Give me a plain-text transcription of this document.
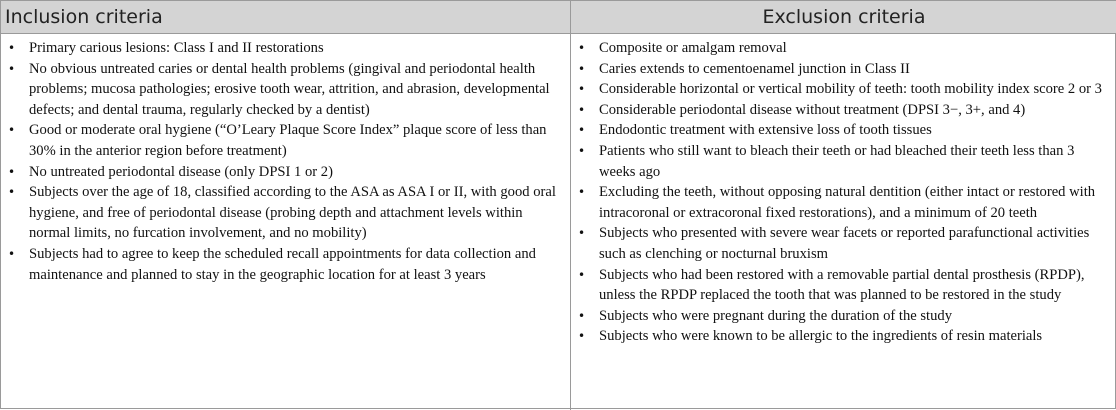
Inclusion criteria	Exclusion criteria
• Primary carious lesions: Class I and II restorations
• No obvious untreated caries or dental health problems (gingival and periodontal health problems; mucosa pathologies; erosive tooth wear, attrition, and abrasion, developmental defects; and dental trauma, regularly checked by a dentist)
• Good or moderate oral hygiene (“O’Leary Plaque Score Index” plaque score of less than 30% in the anterior region before treatment)
• No untreated periodontal disease (only DPSI 1 or 2)
• Subjects over the age of 18, classified according to the ASA as ASA I or II, with good oral hygiene, and free of periodontal disease (probing depth and attachment levels within normal limits, no furcation involvement, and no mobility)
• Subjects had to agree to keep the scheduled recall appointments for data collection and maintenance and planned to stay in the geographic location for at least 3 years
• Composite or amalgam removal
• Caries extends to cementoenamel junction in Class II
• Considerable horizontal or vertical mobility of teeth: tooth mobility index score 2 or 3
• Considerable periodontal disease without treatment (DPSI 3−, 3+, and 4)
• Endodontic treatment with extensive loss of tooth tissues
• Patients who still want to bleach their teeth or had bleached their teeth less than 3 weeks ago
• Excluding the teeth, without opposing natural dentition (either intact or restored with intracoronal or extracoronal fixed restorations), and a minimum of 20 teeth
• Subjects who presented with severe wear facets or reported parafunctional activities such as clenching or nocturnal bruxism
• Subjects who had been restored with a removable partial dental prosthesis (RPDP), unless the RPDP replaced the tooth that was planned to be restored in the study
• Subjects who were pregnant during the duration of the study
• Subjects who were known to be allergic to the ingredients of resin materials
